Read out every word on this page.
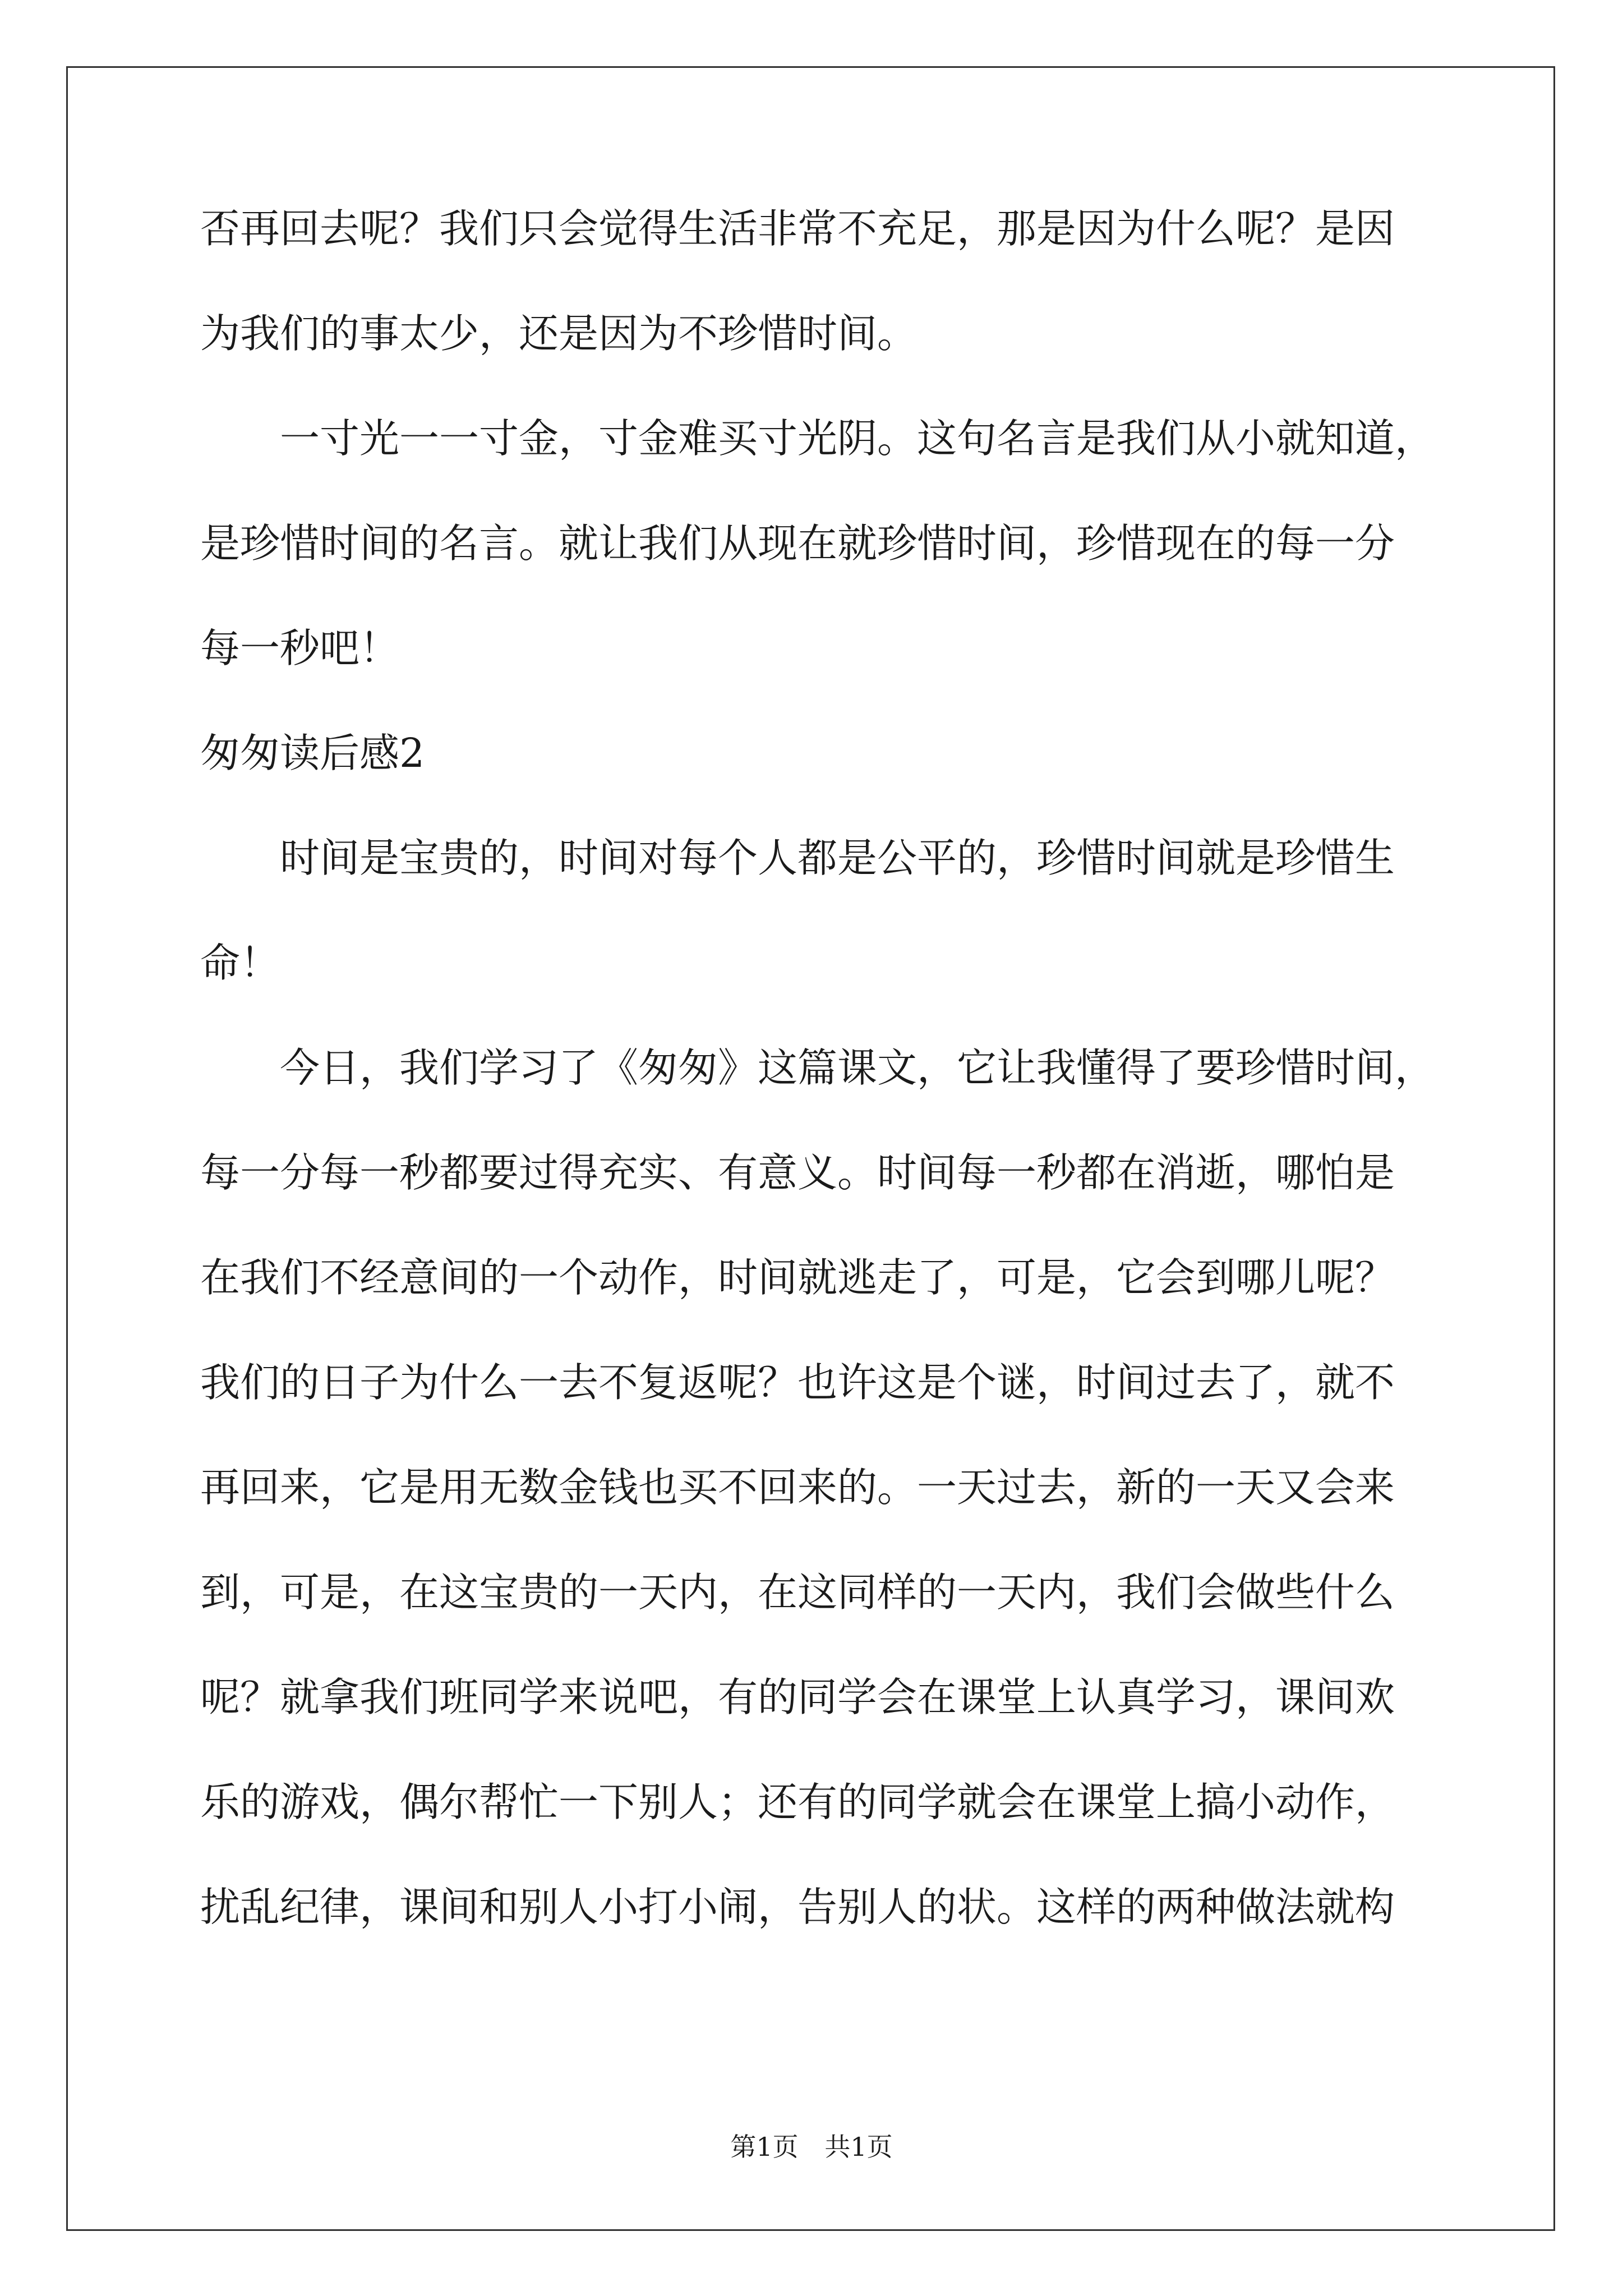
否再回去呢？我们只会觉得生活非常不充足，那是因为什么呢？是因
为我们的事太少，还是因为不珍惜时间。
　　一寸光一一寸金，寸金难买寸光阴。这句名言是我们从小就知道，
是珍惜时间的名言。就让我们从现在就珍惜时间，珍惜现在的每一分
每一秒吧！
匆匆读后感2
　　时间是宝贵的，时间对每个人都是公平的，珍惜时间就是珍惜生
命！
　　今日，我们学习了《匆匆》这篇课文，它让我懂得了要珍惜时间，
每一分每一秒都要过得充实、有意义。时间每一秒都在消逝，哪怕是
在我们不经意间的一个动作，时间就逃走了，可是，它会到哪儿呢？
我们的日子为什么一去不复返呢？也许这是个谜，时间过去了，就不
再回来，它是用无数金钱也买不回来的。一天过去，新的一天又会来
到，可是，在这宝贵的一天内，在这同样的一天内，我们会做些什么
呢？就拿我们班同学来说吧，有的同学会在课堂上认真学习，课间欢
乐的游戏，偶尔帮忙一下别人；还有的同学就会在课堂上搞小动作，
扰乱纪律，课间和别人小打小闹，告别人的状。这样的两种做法就构
第1页 共1页
